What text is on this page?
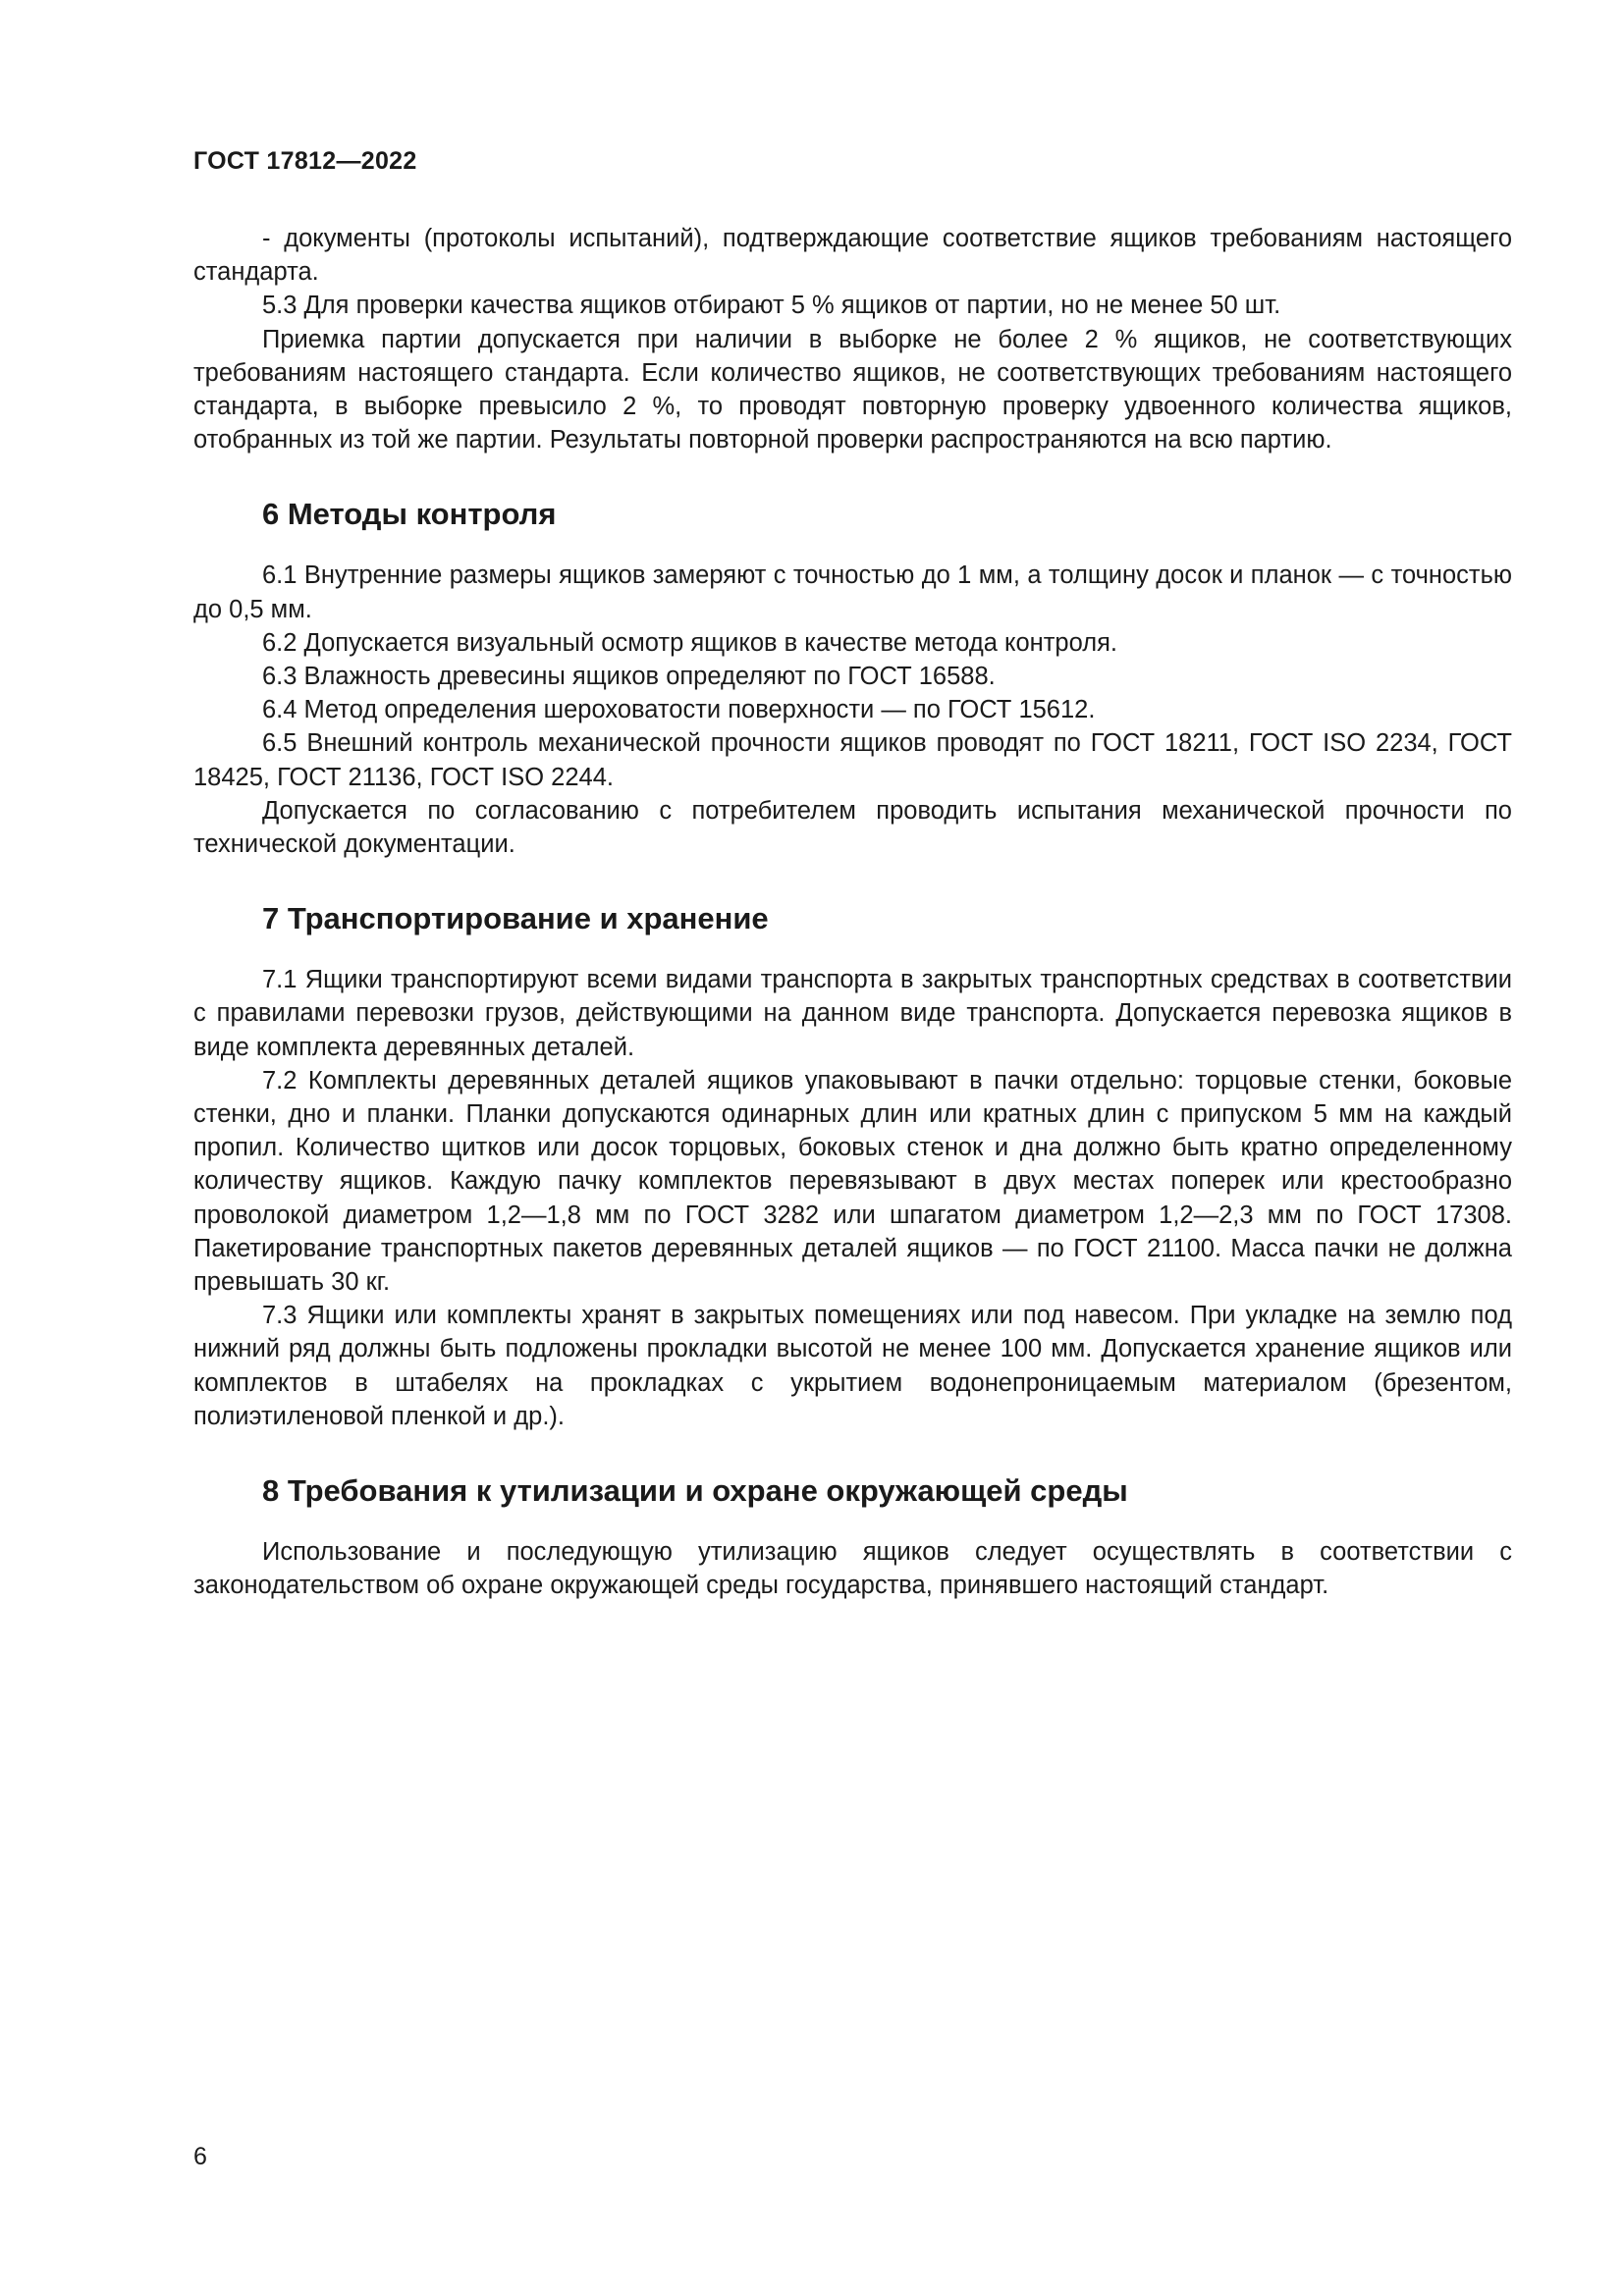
ГОСТ 17812—2022

- документы (протоколы испытаний), подтверждающие соответствие ящиков требованиям настоящего стандарта.

5.3 Для проверки качества ящиков отбирают 5 % ящиков от партии, но не менее 50 шт.

Приемка партии допускается при наличии в выборке не более 2 % ящиков, не соответствующих требованиям настоящего стандарта. Если количество ящиков, не соответствующих требованиям настоящего стандарта, в выборке превысило 2 %, то проводят повторную проверку удвоенного количества ящиков, отобранных из той же партии. Результаты повторной проверки распространяются на всю партию.

6 Методы контроля

6.1 Внутренние размеры ящиков замеряют с точностью до 1 мм, а толщину досок и планок — с точностью до 0,5 мм.

6.2 Допускается визуальный осмотр ящиков в качестве метода контроля.

6.3 Влажность древесины ящиков определяют по ГОСТ 16588.

6.4 Метод определения шероховатости поверхности — по ГОСТ 15612.

6.5 Внешний контроль механической прочности ящиков проводят по ГОСТ 18211, ГОСТ ISO 2234, ГОСТ 18425, ГОСТ 21136, ГОСТ ISO 2244.

Допускается по согласованию с потребителем проводить испытания механической прочности по технической документации.

7 Транспортирование и хранение

7.1 Ящики транспортируют всеми видами транспорта в закрытых транспортных средствах в соответствии с правилами перевозки грузов, действующими на данном виде транспорта. Допускается перевозка ящиков в виде комплекта деревянных деталей.

7.2 Комплекты деревянных деталей ящиков упаковывают в пачки отдельно: торцовые стенки, боковые стенки, дно и планки. Планки допускаются одинарных длин или кратных длин с припуском 5 мм на каждый пропил. Количество щитков или досок торцовых, боковых стенок и дна должно быть кратно определенному количеству ящиков. Каждую пачку комплектов перевязывают в двух местах поперек или крестообразно проволокой диаметром 1,2—1,8 мм по ГОСТ 3282 или шпагатом диаметром 1,2—2,3 мм по ГОСТ 17308. Пакетирование транспортных пакетов деревянных деталей ящиков — по ГОСТ 21100. Масса пачки не должна превышать 30 кг.

7.3 Ящики или комплекты хранят в закрытых помещениях или под навесом. При укладке на землю под нижний ряд должны быть подложены прокладки высотой не менее 100 мм. Допускается хранение ящиков или комплектов в штабелях на прокладках с укрытием водонепроницаемым материалом (брезентом, полиэтиленовой пленкой и др.).

8 Требования к утилизации и охране окружающей среды

Использование и последующую утилизацию ящиков следует осуществлять в соответствии с законодательством об охране окружающей среды государства, принявшего настоящий стандарт.

6
